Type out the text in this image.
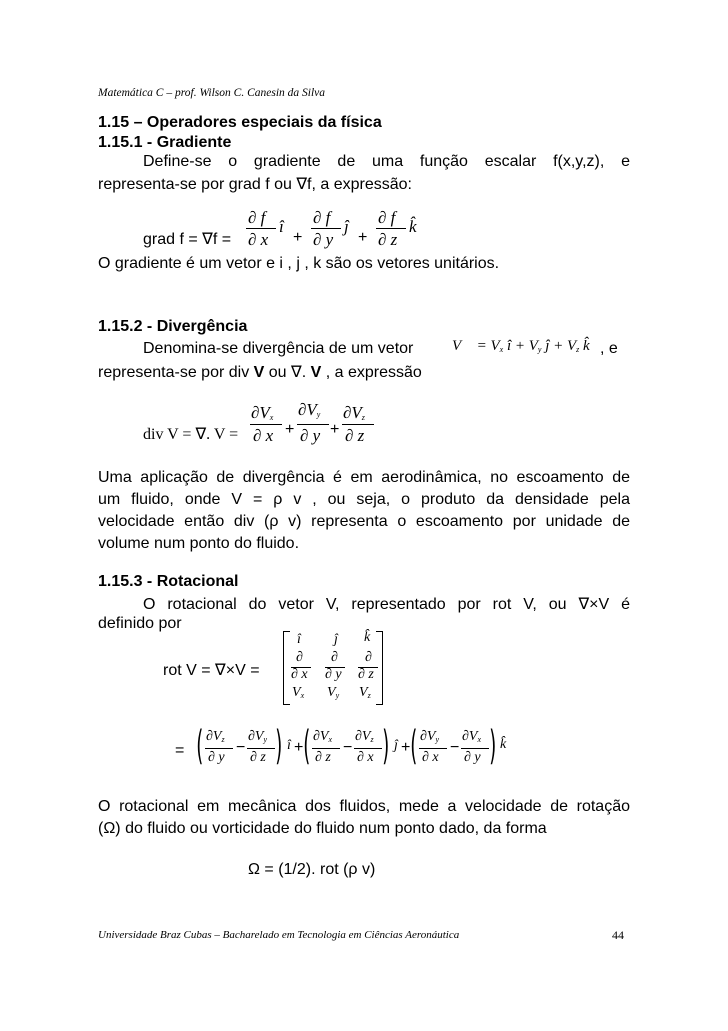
Matemática C – prof. Wilson C. Canesin da Silva
1.15 – Operadores especiais da física
1.15.1 - Gradiente
Define-se o gradiente de uma função escalar f(x,y,z), e
representa-se por grad f ou ∇f, a expressão:
grad f = ∇f =
∂ f
∂ x
î
+
∂ f
∂ y
ĵ
+
∂ f
∂ z
k̂
O gradiente é um vetor e i , j , k são os vetores unitários.
1.15.2 - Divergência
Denomina-se divergência de um vetor	V⃗ = $V_x$ î + $V_y$ ĵ + $V_z$ k̂ , e
representa-se por div V ou ∇. V , a expressão
div V = ∇. V =
$\partial V_x$
∂ x +
$\partial V_y$
∂ y +
$\partial V_z$
∂ z
Uma aplicação de divergência é em aerodinâmica, no escoamento de
um fluido, onde V = ρ v , ou seja, o produto da densidade pela
velocidade então div (ρ v) representa o escoamento por unidade de
volume num ponto do fluido.
1.15.3 - Rotacional
O rotacional do vetor V, representado por rot V, ou ∇×V é
definido por
rot V = ∇×V =
î ĵ k̂
∂
∂ x
∂
∂ y
∂
∂ z
$V_x$ $V_y$ $V_z$
= ( $\partial V_z$
∂ y
−
$\partial V_y$
∂ z ) î + ( $\partial V_x$
∂ z
−
$\partial V_z$
∂ x ) ĵ + ( $\partial V_y$
∂ x
−
$\partial V_x$
∂ y ) k̂
O rotacional em mecânica dos fluidos, mede a velocidade de rotação
(Ω) do fluido ou vorticidade do fluido num ponto dado, da forma
Ω = (1/2). rot (ρ v)
Universidade Braz Cubas – Bacharelado em Tecnologia em Ciências Aeronáutica	44
